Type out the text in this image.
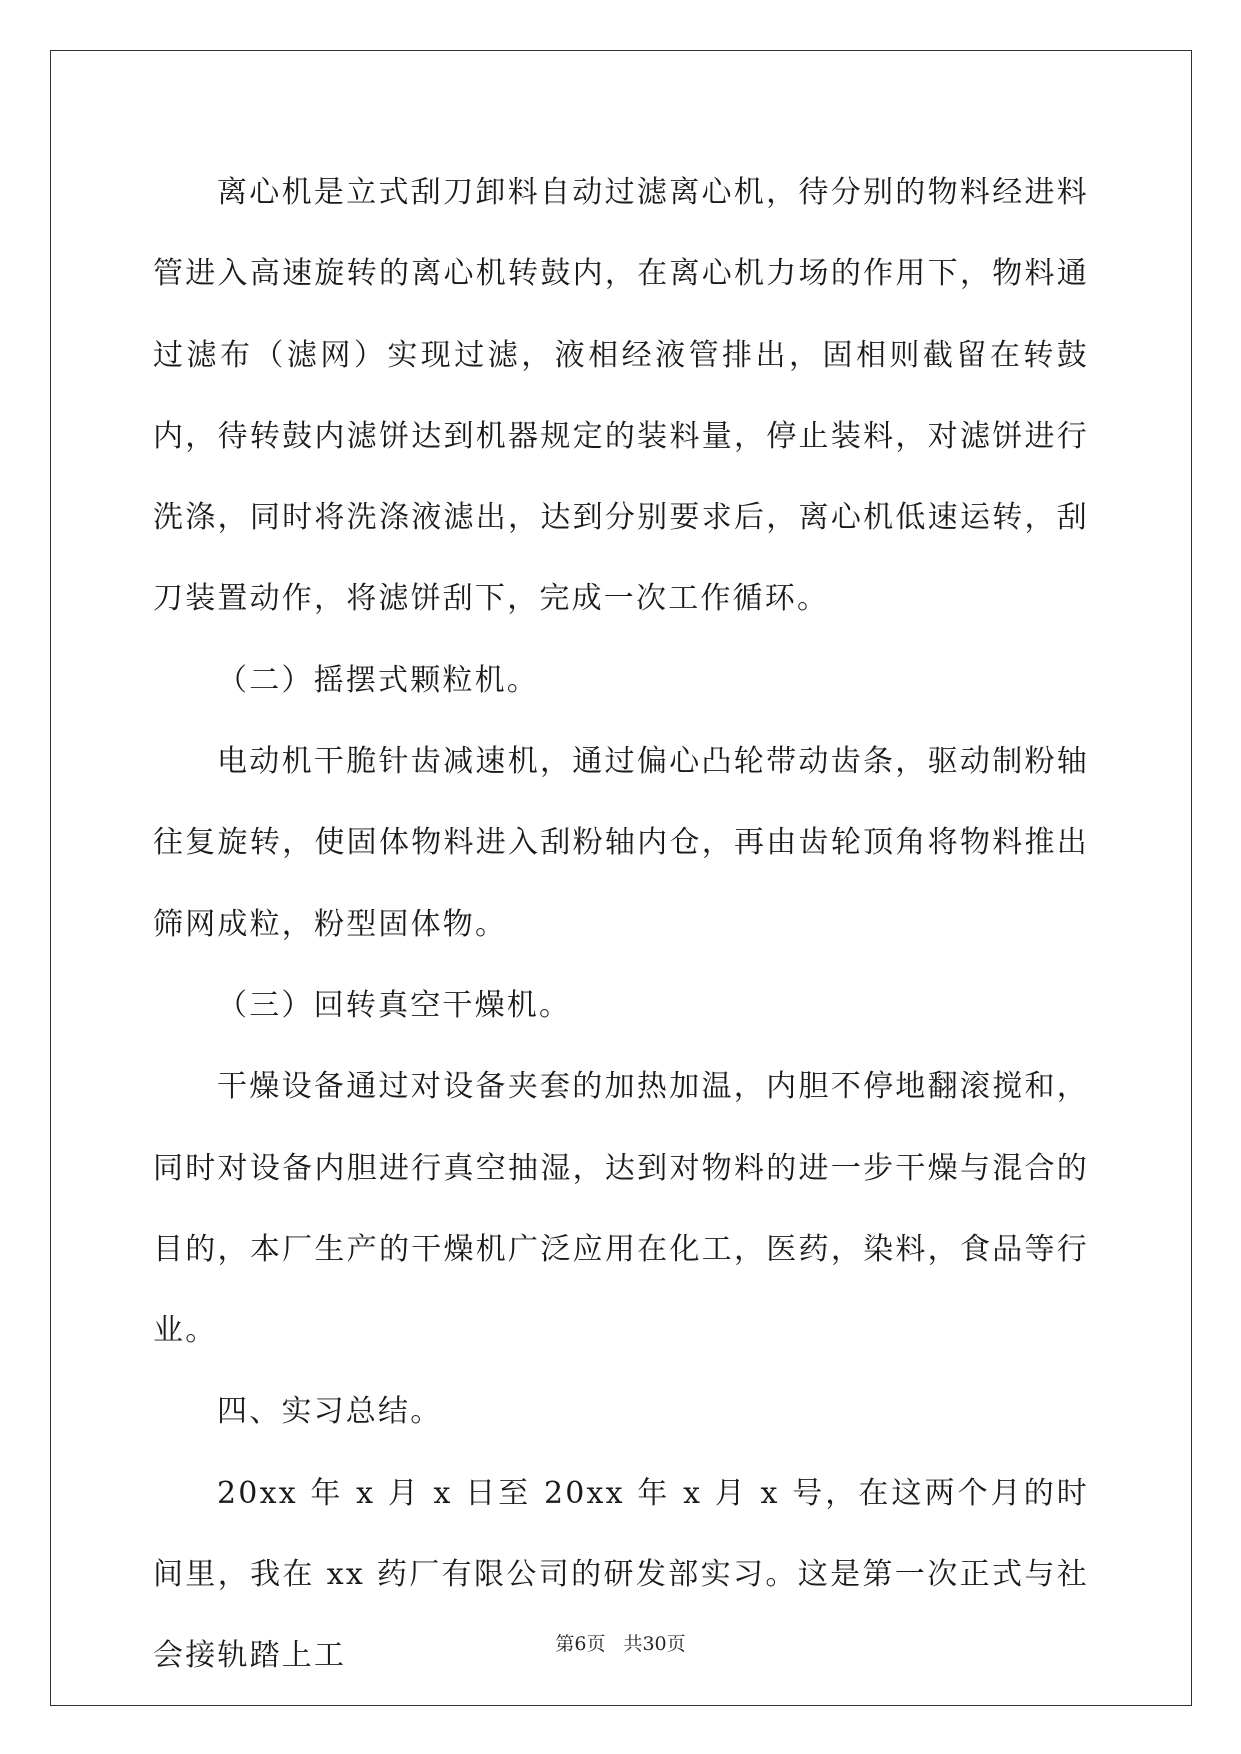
离心机是立式刮刀卸料自动过滤离心机，待分别的物料经进料管进入高速旋转的离心机转鼓内，在离心机力场的作用下，物料通过滤布（滤网）实现过滤，液相经液管排出，固相则截留在转鼓内，待转鼓内滤饼达到机器规定的装料量，停止装料，对滤饼进行洗涤，同时将洗涤液滤出，达到分别要求后，离心机低速运转，刮刀装置动作，将滤饼刮下，完成一次工作循环。

（二）摇摆式颗粒机。

电动机干脆针齿减速机，通过偏心凸轮带动齿条，驱动制粉轴往复旋转，使固体物料进入刮粉轴内仓，再由齿轮顶角将物料推出筛网成粒，粉型固体物。

（三）回转真空干燥机。

干燥设备通过对设备夹套的加热加温，内胆不停地翻滚搅和，同时对设备内胆进行真空抽湿，达到对物料的进一步干燥与混合的目的，本厂生产的干燥机广泛应用在化工，医药，染料，食品等行业。

四、实习总结。

20xx 年 x 月 x 日至 20xx 年 x 月 x 号，在这两个月的时间里，我在 xx 药厂有限公司的研发部实习。这是第一次正式与社会接轨踏上工	第6页 共30页
